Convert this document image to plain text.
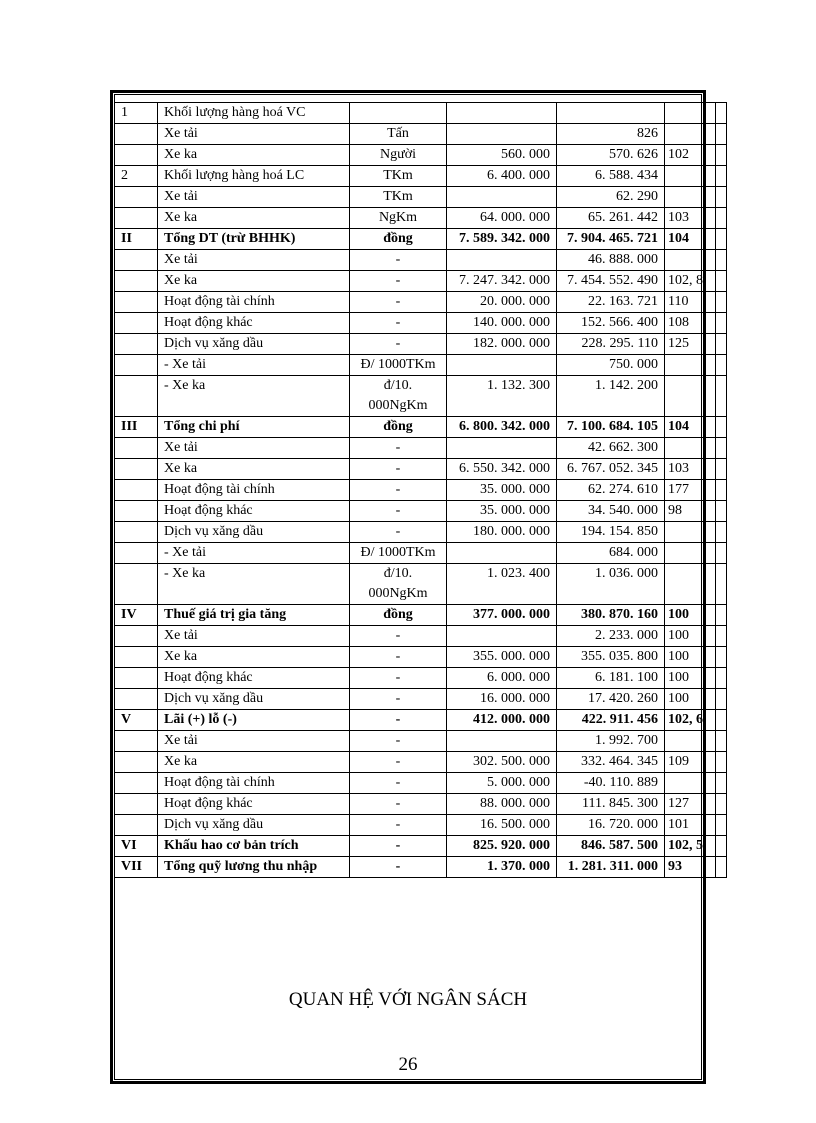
1	Khối lượng hàng hoá VC					
	Xe tải	Tấn		826		
	Xe ka	Người	560. 000	570. 626	102	
2	Khối lượng hàng hoá LC	TKm	6. 400. 000	6. 588. 434		
	Xe tải	TKm		62. 290		
	Xe ka	NgKm	64. 000. 000	65. 261. 442	103	
II	Tổng DT (trừ BHHK)	đồng	7. 589. 342. 000	7. 904. 465. 721	104	
	Xe tải	-		46. 888. 000		
	Xe ka	-	7. 247. 342. 000	7. 454. 552. 490	102, 8	
	Hoạt động tài chính	-	20. 000. 000	22. 163. 721	110	
	Hoạt động khác	-	140. 000. 000	152. 566. 400	108	
	Dịch vụ xăng dầu	-	182. 000. 000	228. 295. 110	125	
	- Xe tải	Đ/ 1000TKm		750. 000		
	- Xe ka	đ/10. 000NgKm	1. 132. 300	1. 142. 200		
III	Tổng chi phí	đồng	6. 800. 342. 000	7. 100. 684. 105	104	
	Xe tải	-		42. 662. 300		
	Xe ka	-	6. 550. 342. 000	6. 767. 052. 345	103	
	Hoạt động tài chính	-	35. 000. 000	62. 274. 610	177	
	Hoạt động khác	-	35. 000. 000	34. 540. 000	98	
	Dịch vụ xăng dầu	-	180. 000. 000	194. 154. 850		
	- Xe tải	Đ/ 1000TKm		684. 000		
	- Xe ka	đ/10. 000NgKm	1. 023. 400	1. 036. 000		
IV	Thuế giá trị gia tăng	đồng	377. 000. 000	380. 870. 160	100	
	Xe tải	-		2. 233. 000	100	
	Xe ka	-	355. 000. 000	355. 035. 800	100	
	Hoạt động khác	-	6. 000. 000	6. 181. 100	100	
	Dịch vụ xăng dầu	-	16. 000. 000	17. 420. 260	100	
V	Lãi (+) lỗ (-)	-	412. 000. 000	422. 911. 456	102, 6	
	Xe tải	-		1. 992. 700		
	Xe ka	-	302. 500. 000	332. 464. 345	109	
	Hoạt động tài chính	-	5. 000. 000	-40. 110. 889		
	Hoạt động khác	-	88. 000. 000	111. 845. 300	127	
	Dịch vụ xăng dầu	-	16. 500. 000	16. 720. 000	101	
VI	Khấu hao cơ bản trích	-	825. 920. 000	846. 587. 500	102, 5	
VII	Tổng quỹ lương thu nhập	-	1. 370. 000	1. 281. 311. 000	93	
QUAN HỆ VỚI NGÂN SÁCH
26
